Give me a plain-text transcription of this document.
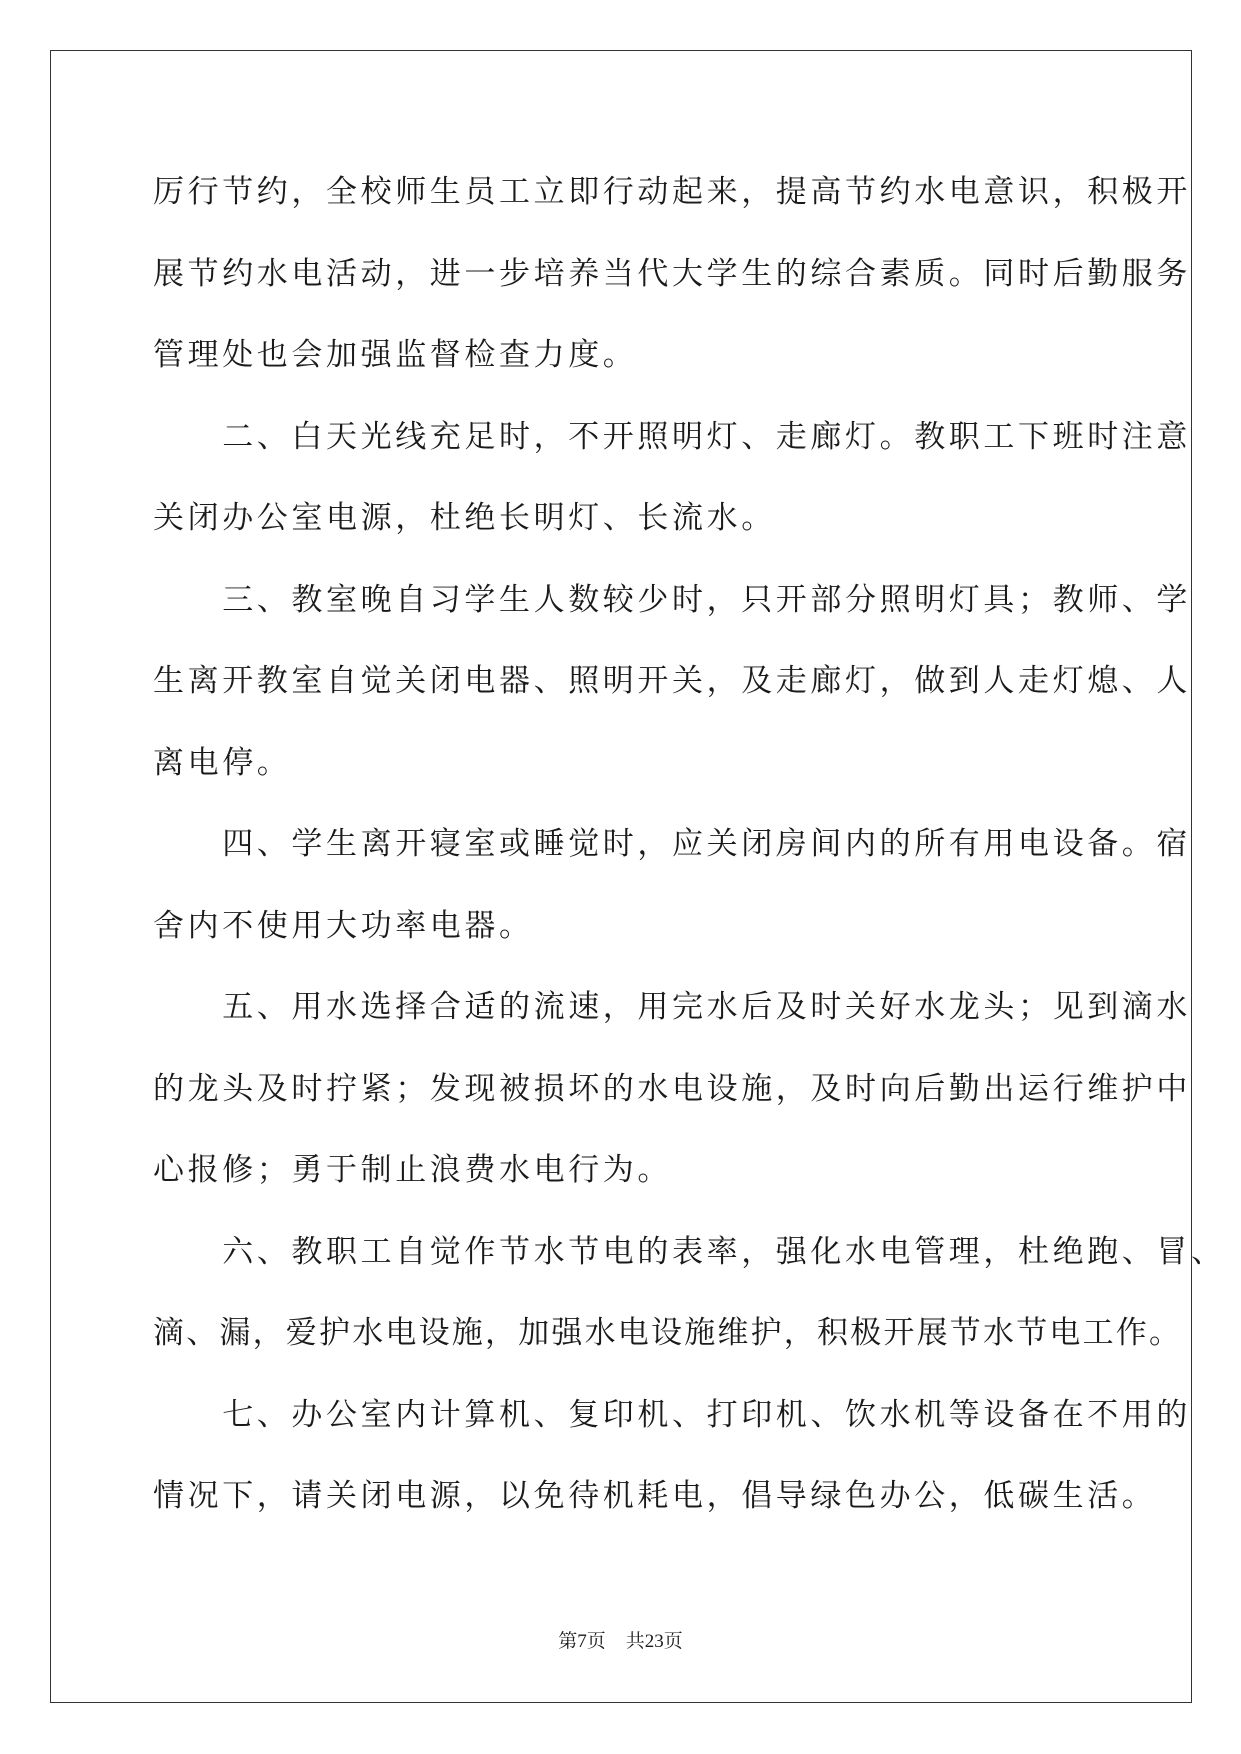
厉行节约，全校师生员工立即行动起来，提高节约水电意识，积极开
展节约水电活动，进一步培养当代大学生的综合素质。同时后勤服务
管理处也会加强监督检查力度。
　　二、白天光线充足时，不开照明灯、走廊灯。教职工下班时注意
关闭办公室电源，杜绝长明灯、长流水。
　　三、教室晚自习学生人数较少时，只开部分照明灯具；教师、学
生离开教室自觉关闭电器、照明开关，及走廊灯，做到人走灯熄、人
离电停。
　　四、学生离开寝室或睡觉时，应关闭房间内的所有用电设备。宿
舍内不使用大功率电器。
　　五、用水选择合适的流速，用完水后及时关好水龙头；见到滴水
的龙头及时拧紧；发现被损坏的水电设施，及时向后勤出运行维护中
心报修；勇于制止浪费水电行为。
　　六、教职工自觉作节水节电的表率，强化水电管理，杜绝跑、冒、
滴、漏，爱护水电设施，加强水电设施维护，积极开展节水节电工作。
　　七、办公室内计算机、复印机、打印机、饮水机等设备在不用的
情况下，请关闭电源，以免待机耗电，倡导绿色办公，低碳生活。
第7页 共23页
